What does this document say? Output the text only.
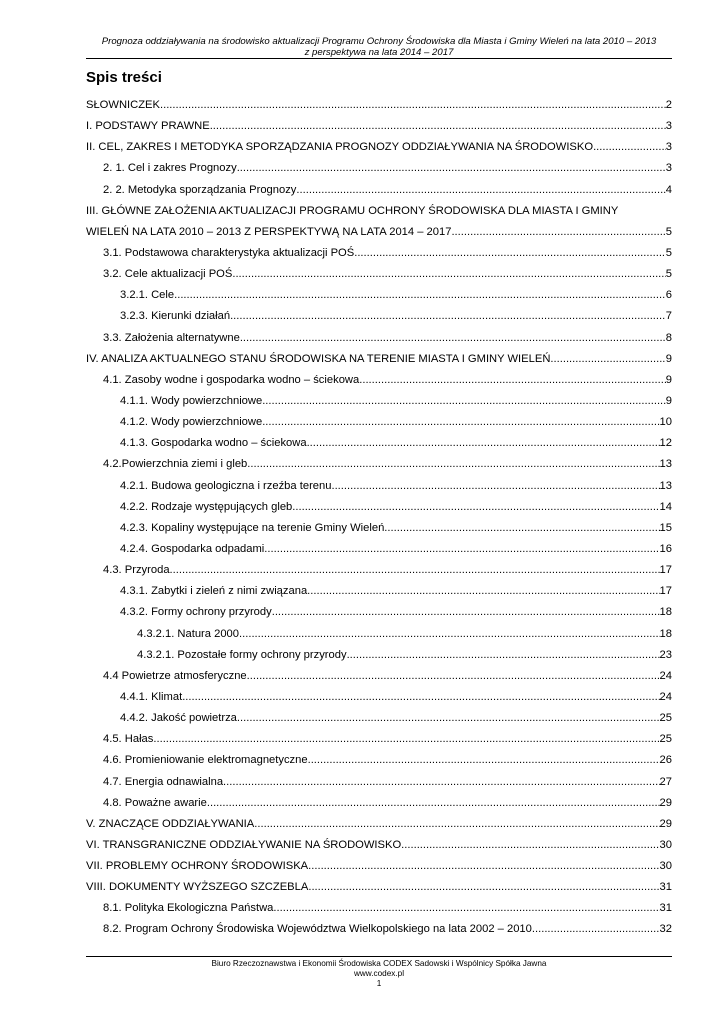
Prognoza oddziaływania na środowisko aktualizacji Programu Ochrony Środowiska dla Miasta i Gminy Wieleń na lata 2010 – 2013
z perspektywa na lata 2014 – 2017
Spis treści
SŁOWNICZEK .....	2
I. PODSTAWY PRAWNE .....	3
II. CEL, ZAKRES I METODYKA SPORZĄDZANIA PROGNOZY ODDZIAŁYWANIA NA ŚRODOWISKO .....	3
2. 1. Cel i zakres Prognozy .....	3
2. 2. Metodyka sporządzania Prognozy .....	4
III. GŁÓWNE ZAŁOŻENIA AKTUALIZACJI PROGRAMU OCHRONY ŚRODOWISKA DLA MIASTA I GMINY
WIELEŃ NA LATA 2010 – 2013 Z PERSPEKTYWĄ NA LATA 2014 – 2017 .....	5
3.1. Podstawowa charakterystyka aktualizacji POŚ .....	5
3.2. Cele aktualizacji POŚ .....	5
3.2.1. Cele .....	6
3.2.3. Kierunki działań .....	7
3.3. Założenia alternatywne .....	8
IV. ANALIZA AKTUALNEGO STANU ŚRODOWISKA NA TERENIE MIASTA I GMINY WIELEŃ .....	9
4.1. Zasoby wodne i gospodarka wodno – ściekowa .....	9
4.1.1. Wody powierzchniowe .....	9
4.1.2. Wody powierzchniowe .....	10
4.1.3. Gospodarka wodno – ściekowa .....	12
4.2.Powierzchnia ziemi i gleb .....	13
4.2.1. Budowa geologiczna i rzeźba terenu .....	13
4.2.2. Rodzaje występujących gleb .....	14
4.2.3. Kopaliny występujące na terenie Gminy Wieleń .....	15
4.2.4. Gospodarka odpadami .....	16
4.3. Przyroda .....	17
4.3.1. Zabytki i zieleń z nimi związana .....	17
4.3.2. Formy ochrony przyrody .....	18
4.3.2.1. Natura 2000 .....	18
4.3.2.1. Pozostałe formy ochrony przyrody .....	23
4.4 Powietrze atmosferyczne .....	24
4.4.1. Klimat .....	24
4.4.2. Jakość powietrza .....	25
4.5. Hałas .....	25
4.6. Promieniowanie elektromagnetyczne .....	26
4.7. Energia odnawialna .....	27
4.8. Poważne awarie .....	29
V. ZNACZĄCE ODDZIAŁYWANIA .....	29
VI. TRANSGRANICZNE ODDZIAŁYWANIE NA ŚRODOWISKO .....	30
VII. PROBLEMY OCHRONY ŚRODOWISKA .....	30
VIII. DOKUMENTY WYŻSZEGO SZCZEBLA .....	31
8.1. Polityka Ekologiczna Państwa .....	31
8.2. Program Ochrony Środowiska Województwa Wielkopolskiego na lata 2002 – 2010 .....	32
Biuro Rzeczoznawstwa i Ekonomii Środowiska CODEX Sadowski i Wspólnicy Spółka Jawna
www.codex.pl
1
